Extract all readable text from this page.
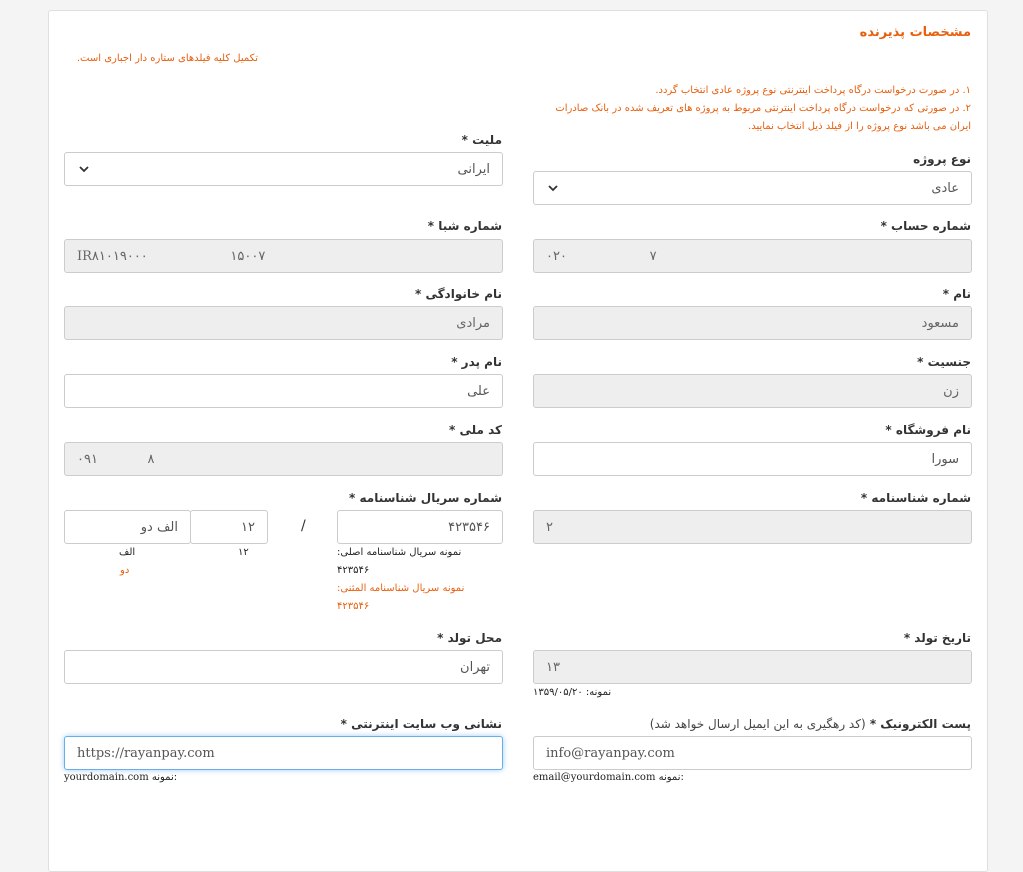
مشخصات پذیرنده
تکمیل کلیه فیلدهای ستاره دار اجباری است.
۱. در صورت درخواست درگاه پرداخت اینترنتی نوع پروژه عادی انتخاب گردد.
۲. در صورتی که درخواست درگاه پرداخت اینترنتی مربوط به پروژه های تعریف شده در بانک صادرات
ایران می باشد نوع پروژه را از فیلد ذیل انتخاب نمایید.
ملیت *
ایرانی
نوع پروژه
عادی
شماره شبا *
IR۸۱۰۱۹۰۰۰                    ۱۵۰۰۷
شماره حساب *
۰۲۰                    ۷
نام خانوادگی *
مرادی
نام *
مسعود
نام پدر *
علی
جنسیت *
زن
کد ملی *
۰۹۱            ۸
نام فروشگاه *
سورا
شماره سریال شناسنامه *
الف دو	۱۲	/	۴۲۳۵۴۶
۱۲
الف
دو
نمونه سریال شناسنامه اصلی:
۴۲۳۵۴۶
نمونه سریال شناسنامه المثنی:
۴۲۳۵۴۶
شماره شناسنامه *
۲
محل تولد *
تهران
تاریخ تولد *
۱۳
نمونه: ۱۳۵۹/۰۵/۲۰
نشانی وب سایت اینترنتی *
https://rayanpay.com
yourdomain.com نمونه:
پست الکترونیک * (کد رهگیری به این ایمیل ارسال خواهد شد)
info@rayanpay.com
email@yourdomain.com نمونه:
